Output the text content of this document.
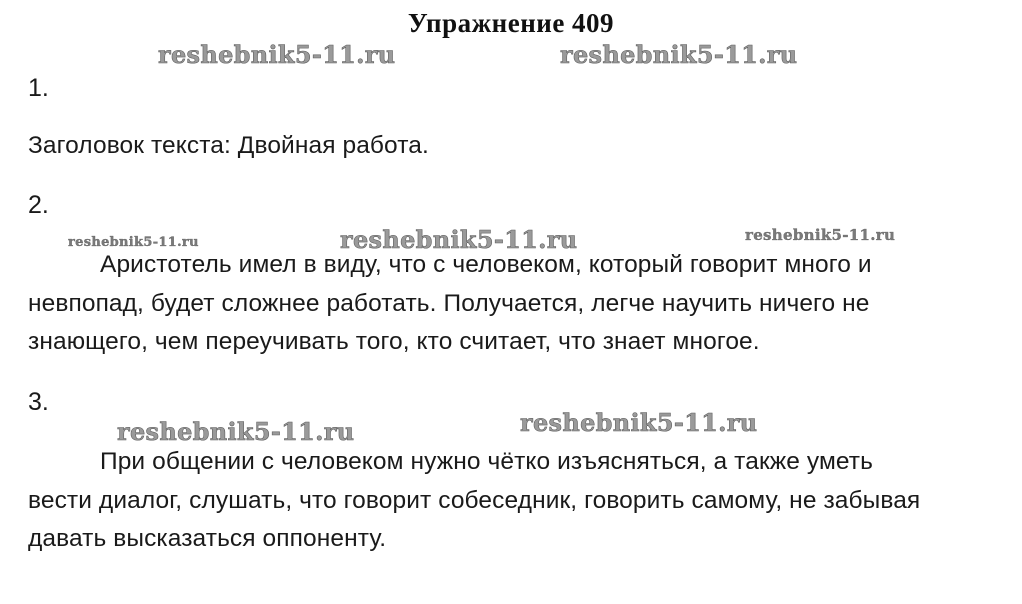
Упражнение 409
reshebnik5-11.ru	reshebnik5-11.ru
reshebnik5-11.ru	reshebnik5-11.ru	reshebnik5-11.ru
reshebnik5-11.ru	reshebnik5-11.ru
1.
Заголовок текста: Двойная работа.
2.
Аристотель имел в виду, что с человеком, который говорит много и
невпопад, будет сложнее работать. Получается, легче научить ничего не
знающего, чем переучивать того, кто считает, что знает многое.
3.
При общении с человеком нужно чётко изъясняться, а также уметь
вести диалог, слушать, что говорит собеседник, говорить самому, не забывая
давать высказаться оппоненту.
